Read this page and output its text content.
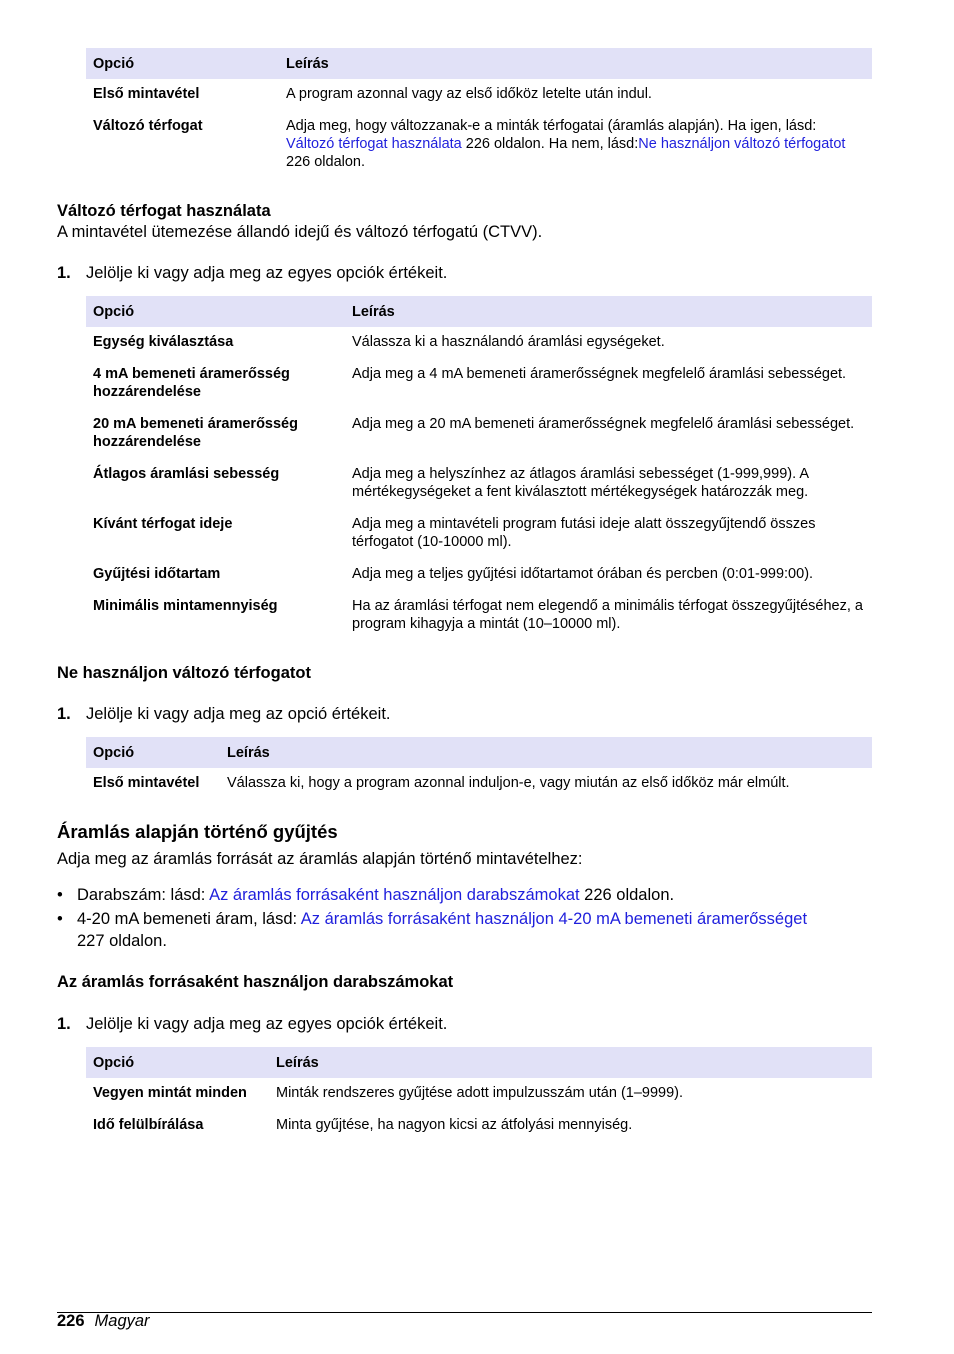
Opció	Leírás
Első mintavétel	A program azonnal vagy az első időköz letelte után indul.
Változó térfogat	Adja meg, hogy változzanak-e a minták térfogatai (áramlás alapján). Ha igen, lásd: Változó térfogat használata 226 oldalon. Ha nem, lásd:Ne használjon változó térfogatot 226 oldalon.
Változó térfogat használata
A mintavétel ütemezése állandó idejű és változó térfogatú (CTVV).
1. Jelölje ki vagy adja meg az egyes opciók értékeit.
Opció	Leírás
Egység kiválasztása	Válassza ki a használandó áramlási egységeket.
4 mA bemeneti áramerősség hozzárendelése	Adja meg a 4 mA bemeneti áramerősségnek megfelelő áramlási sebességet.
20 mA bemeneti áramerősség hozzárendelése	Adja meg a 20 mA bemeneti áramerősségnek megfelelő áramlási sebességet.
Átlagos áramlási sebesség	Adja meg a helyszínhez az átlagos áramlási sebességet (1-999,999). A mértékegységeket a fent kiválasztott mértékegységek határozzák meg.
Kívánt térfogat ideje	Adja meg a mintavételi program futási ideje alatt összegyűjtendő összes térfogatot (10-10000 ml).
Gyűjtési időtartam	Adja meg a teljes gyűjtési időtartamot órában és percben (0:01-999:00).
Minimális mintamennyiség	Ha az áramlási térfogat nem elegendő a minimális térfogat összegyűjtéséhez, a program kihagyja a mintát (10–10000 ml).
Ne használjon változó térfogatot
1. Jelölje ki vagy adja meg az opció értékeit.
Opció	Leírás
Első mintavétel	Válassza ki, hogy a program azonnal induljon-e, vagy miután az első időköz már elmúlt.
Áramlás alapján történő gyűjtés
Adja meg az áramlás forrását az áramlás alapján történő mintavételhez:
• Darabszám: lásd: Az áramlás forrásaként használjon darabszámokat 226 oldalon.
• 4-20 mA bemeneti áram, lásd: Az áramlás forrásaként használjon 4-20 mA bemeneti áramerősséget 227 oldalon.
Az áramlás forrásaként használjon darabszámokat
1. Jelölje ki vagy adja meg az egyes opciók értékeit.
Opció	Leírás
Vegyen mintát minden	Minták rendszeres gyűjtése adott impulzusszám után (1–9999).
Idő felülbírálása	Minta gyűjtése, ha nagyon kicsi az átfolyási mennyiség.
226 Magyar
